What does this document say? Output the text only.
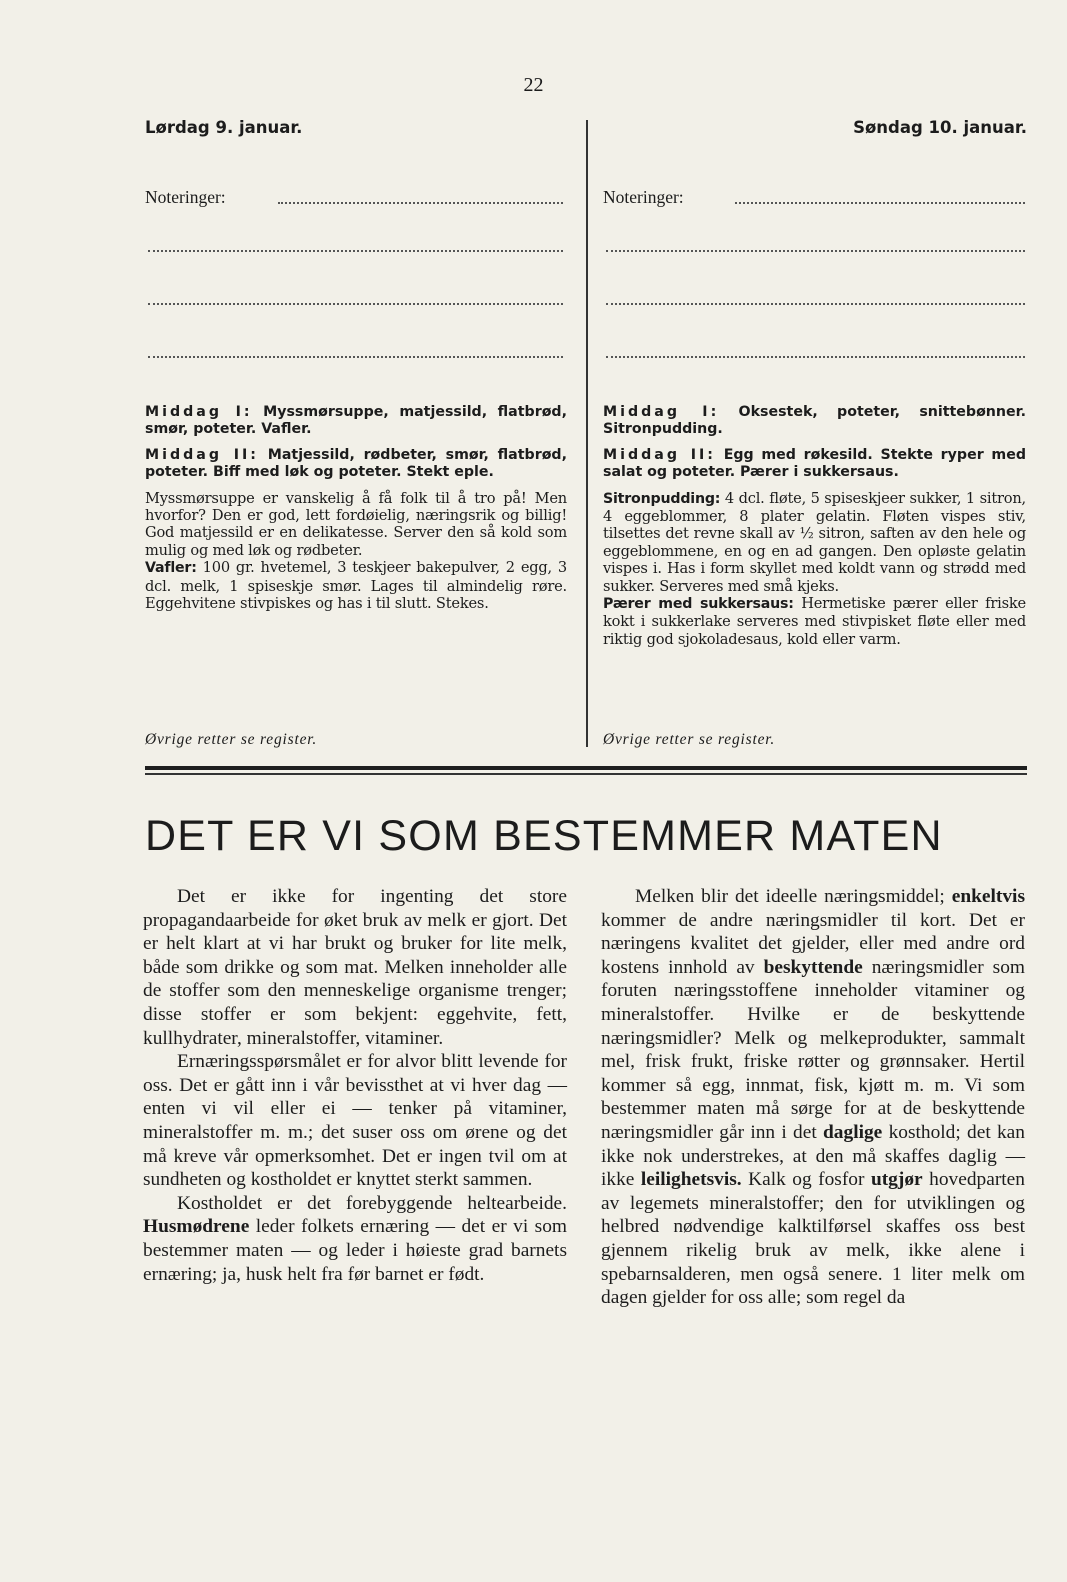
22
Lørdag 9. januar.	Søndag 10. januar.
Noteringer:	Noteringer:

Middag I: Myssmørsuppe, matjessild, flatbrød, smør, poteter. Vafler.

Middag II: Matjessild, rødbeter, smør, flatbrød, poteter. Biff med løk og poteter. Stekt eple.

Myssmørsuppe er vanskelig å få folk til å tro på! Men hvorfor? Den er god, lett fordøielig, næringsrik og billig! God matjessild er en delikatesse. Server den så kold som mulig og med løk og rødbeter.

Vafler: 100 gr. hvetemel, 3 teskjeer bakepulver, 2 egg, 3 dcl. melk, 1 spiseskje smør. Lages til almindelig røre. Eggehvitene stivpiskes og has i til slutt. Stekes.

Øvrige retter se register.

Middag I: Oksestek, poteter, snittebønner. Sitronpudding.

Middag II: Egg med røkesild. Stekte ryper med salat og poteter. Pærer i sukkersaus.

Sitronpudding: 4 dcl. fløte, 5 spiseskjeer sukker, 1 sitron, 4 eggeblommer, 8 plater gelatin. Fløten vispes stiv, tilsettes det revne skall av ½ sitron, saften av den hele og eggeblommene, en og en ad gangen. Den opløste gelatin vispes i. Has i form skyllet med koldt vann og strødd med sukker. Serveres med små kjeks.

Pærer med sukkersaus: Hermetiske pærer eller friske kokt i sukkerlake serveres med stivpisket fløte eller med riktig god sjokoladesaus, kold eller varm.

Øvrige retter se register.
DET ER VI SOM BESTEMMER MATEN

Det er ikke for ingenting det store propagandaarbeide for øket bruk av melk er gjort. Det er helt klart at vi har brukt og bruker for lite melk, både som drikke og som mat. Melken inneholder alle de stoffer som den menneskelige organisme trenger; disse stoffer er som bekjent: eggehvite, fett, kullhydrater, mineralstoffer, vitaminer.

Ernæringsspørsmålet er for alvor blitt levende for oss. Det er gått inn i vår bevissthet at vi hver dag — enten vi vil eller ei — tenker på vitaminer, mineralstoffer m. m.; det suser oss om ørene og det må kreve vår opmerksomhet. Det er ingen tvil om at sundheten og kostholdet er knyttet sterkt sammen.

Kostholdet er det forebyggende heltearbeide. Husmødrene leder folkets ernæring — det er vi som bestemmer maten — og leder i høieste grad barnets ernæring; ja, husk helt fra før barnet er født.

Melken blir det ideelle næringsmiddel; enkeltvis kommer de andre næringsmidler til kort. Det er næringens kvalitet det gjelder, eller med andre ord kostens innhold av beskyttende næringsmidler som foruten næringsstoffene inneholder vitaminer og mineralstoffer. Hvilke er de beskyttende næringsmidler? Melk og melkeprodukter, sammalt mel, frisk frukt, friske røtter og grønnsaker. Hertil kommer så egg, innmat, fisk, kjøtt m. m. Vi som bestemmer maten må sørge for at de beskyttende næringsmidler går inn i det daglige kosthold; det kan ikke nok understrekes, at den må skaffes daglig — ikke leilighetsvis. Kalk og fosfor utgjør hovedparten av legemets mineralstoffer; den for utviklingen og helbred nødvendige kalktilførsel skaffes oss best gjennem rikelig bruk av melk, ikke alene i spebarnsalderen, men også senere. 1 liter melk om dagen gjelder for oss alle; som regel da
